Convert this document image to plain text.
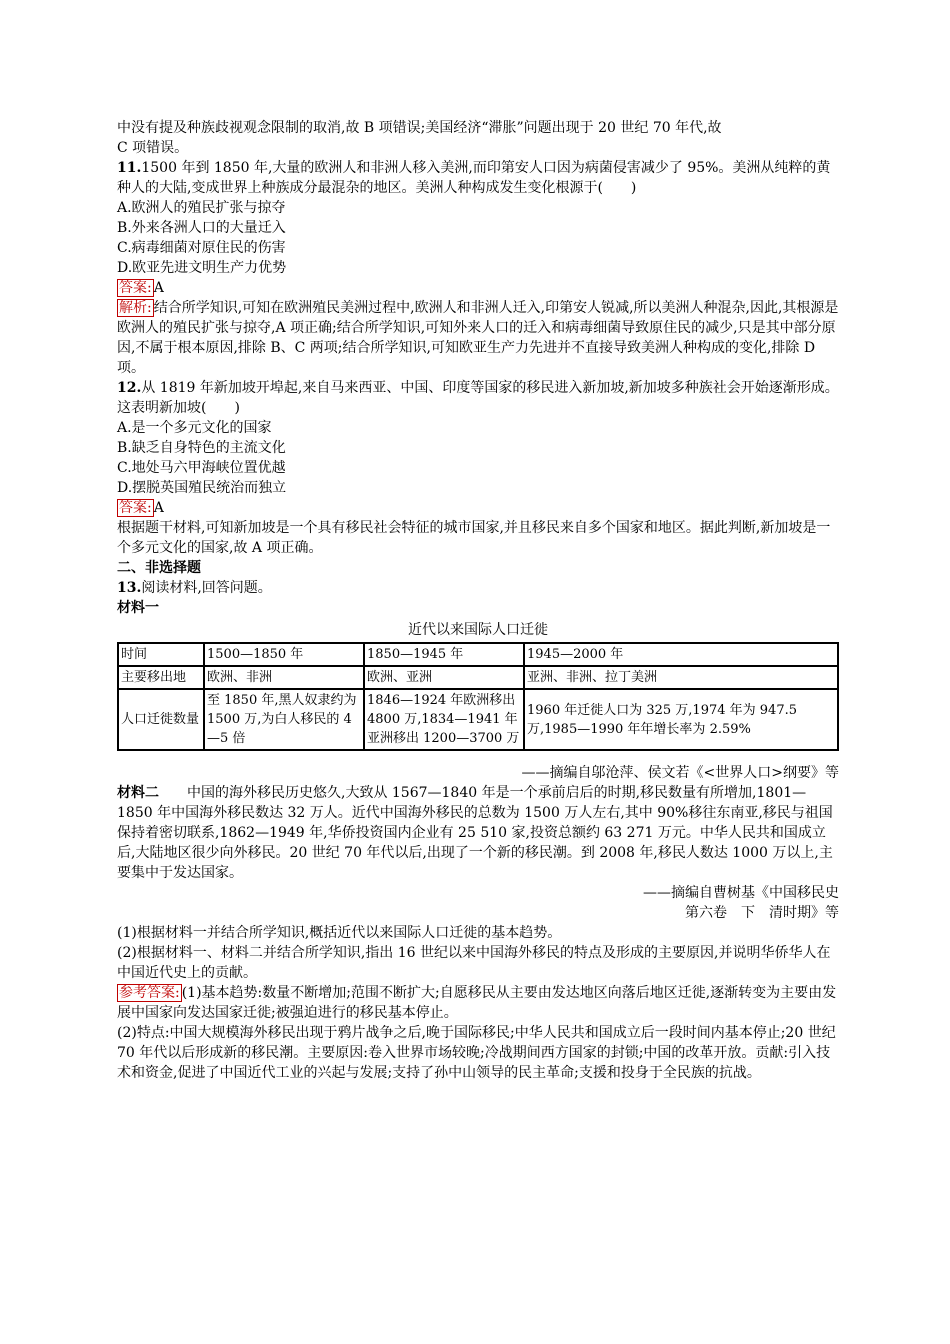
中没有提及种族歧视观念限制的取消,故 B 项错误;美国经济“滞胀”问题出现于 20 世纪 70 年代,故

C 项错误。

11.1500 年到 1850 年,大量的欧洲人和非洲人移入美洲,而印第安人口因为病菌侵害减少了 95%。美洲从纯粹的黄种人的大陆,变成世界上种族成分最混杂的地区。美洲人种构成发生变化根源于(　　)

A.欧洲人的殖民扩张与掠夺

B.外来各洲人口的大量迁入

C.病毒细菌对原住民的伤害

D.欧亚先进文明生产力优势

答案: A

解析: 结合所学知识,可知在欧洲殖民美洲过程中,欧洲人和非洲人迁入,印第安人锐减,所以美洲人种混杂,因此,其根源是欧洲人的殖民扩张与掠夺,A 项正确;结合所学知识,可知外来人口的迁入和病毒细菌导致原住民的减少,只是其中部分原因,不属于根本原因,排除 B、C 两项;结合所学知识,可知欧亚生产力先进并不直接导致美洲人种构成的变化,排除 D 项。

12.从 1819 年新加坡开埠起,来自马来西亚、中国、印度等国家的移民进入新加坡,新加坡多种族社会开始逐渐形成。这表明新加坡(　　)

A.是一个多元文化的国家

B.缺乏自身特色的主流文化

C.地处马六甲海峡位置优越

D.摆脱英国殖民统治而独立

答案: A

根据题干材料,可知新加坡是一个具有移民社会特征的城市国家,并且移民来自多个国家和地区。据此判断,新加坡是一个多元文化的国家,故 A 项正确。

二、非选择题

13.阅读材料,回答问题。

材料一

近代以来国际人口迁徙

时间	1500—1850 年	1850—1945 年	1945—2000 年
主要移出地	欧洲、非洲	欧洲、亚洲	亚洲、非洲、拉丁美洲
人口迁徙数量	至 1850 年,黑人奴隶约为 1500 万,为白人移民的 4—5 倍	1846—1924 年欧洲移出 4800 万,1834—1941 年亚洲移出 1200—3700 万	1960 年迁徙人口为 325 万,1974 年为 947.5 万,1985—1990 年年增长率为 2.59%

——摘编自邬沧萍、侯文若《<世界人口>纲要》等

材料二　　 中国的海外移民历史悠久,大致从 1567—1840 年是一个承前启后的时期,移民数量有所增加,1801—1850 年中国海外移民数达 32 万人。近代中国海外移民的总数为 1500 万人左右,其中 90%移往东南亚,移民与祖国保持着密切联系,1862—1949 年,华侨投资国内企业有 25 510 家,投资总额约 63 271 万元。中华人民共和国成立后,大陆地区很少向外移民。20 世纪 70 年代以后,出现了一个新的移民潮。到 2008 年,移民人数达 1000 万以上,主要集中于发达国家。

——摘编自曹树基《中国移民史

第六卷　下　清时期》等

(1)根据材料一并结合所学知识,概括近代以来国际人口迁徙的基本趋势。

(2)根据材料一、材料二并结合所学知识,指出 16 世纪以来中国海外移民的特点及形成的主要原因,并说明华侨华人在中国近代史上的贡献。

参考答案: (1)基本趋势:数量不断增加;范围不断扩大;自愿移民从主要由发达地区向落后地区迁徙,逐渐转变为主要由发展中国家向发达国家迁徙;被强迫进行的移民基本停止。

(2)特点:中国大规模海外移民出现于鸦片战争之后,晚于国际移民;中华人民共和国成立后一段时间内基本停止;20 世纪 70 年代以后形成新的移民潮。主要原因:卷入世界市场较晚;冷战期间西方国家的封锁;中国的改革开放。贡献:引入技术和资金,促进了中国近代工业的兴起与发展;支持了孙中山领导的民主革命;支援和投身于全民族的抗战。
